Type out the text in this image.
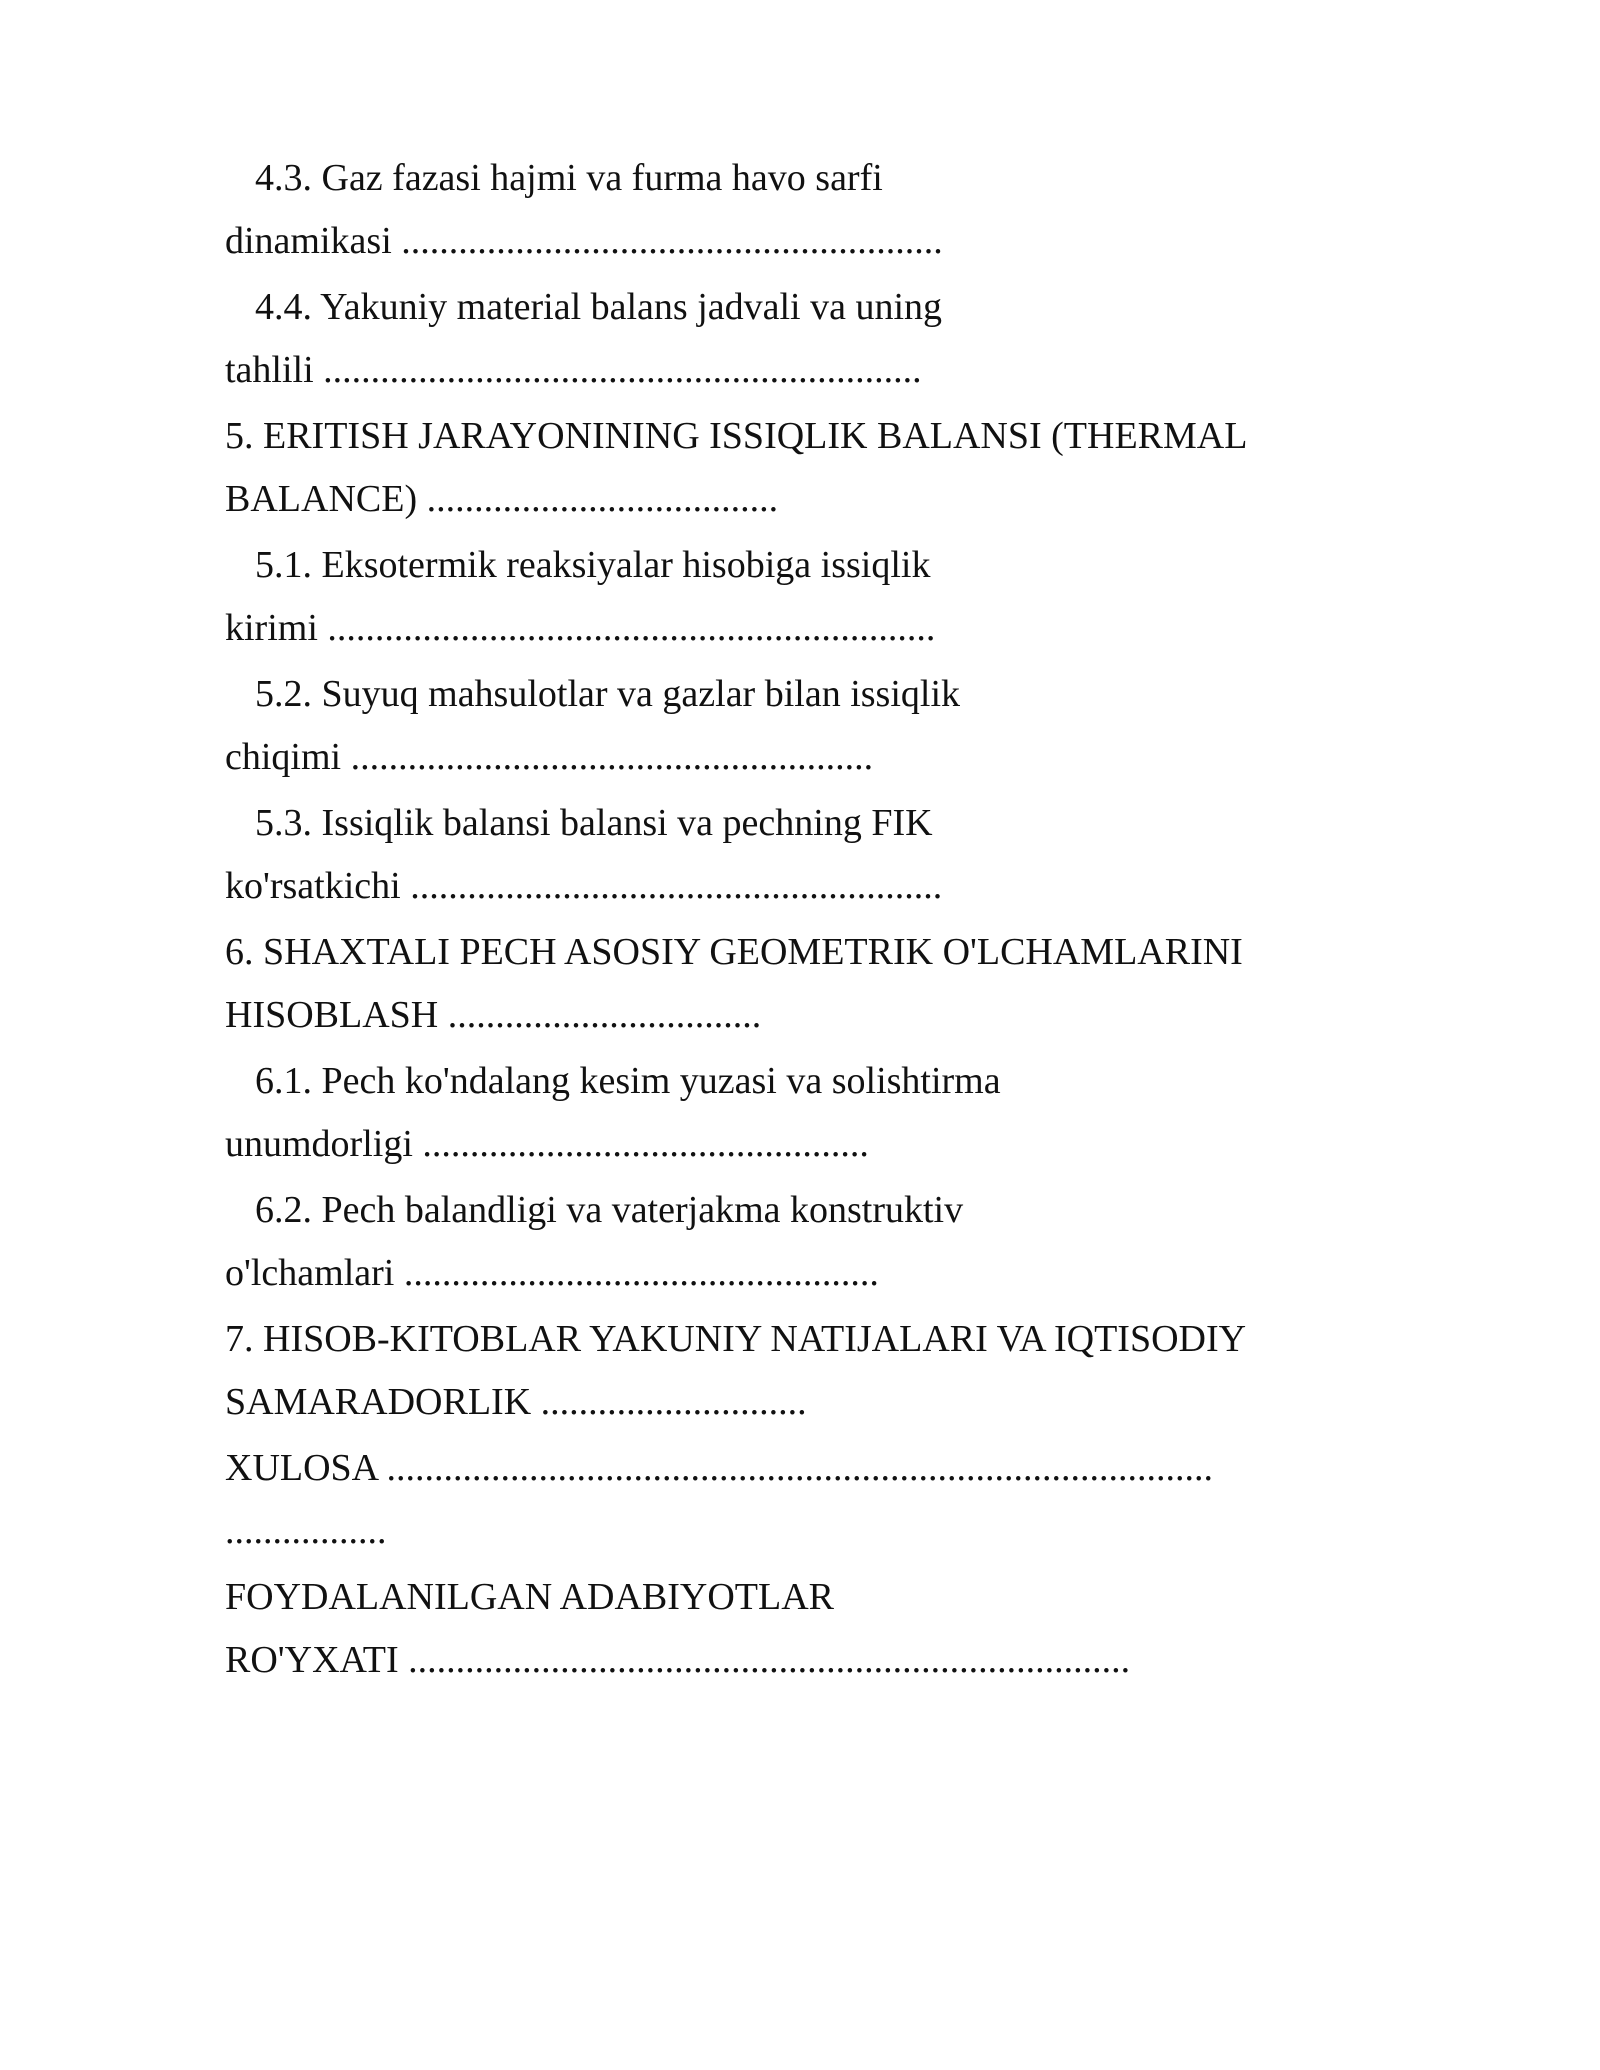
4.3. Gaz fazasi hajmi va furma havo sarfi
dinamikasi .........................................................

4.4. Yakuniy material balans jadvali va uning
tahlili ...............................................................

5. ERITISH JARAYONINING ISSIQLIK BALANSI (THERMAL
BALANCE) .....................................

5.1. Eksotermik reaksiyalar hisobiga issiqlik
kirimi ................................................................

5.2. Suyuq mahsulotlar va gazlar bilan issiqlik
chiqimi .......................................................

5.3. Issiqlik balansi balansi va pechning FIK
ko'rsatkichi ........................................................

6. SHAXTALI PECH ASOSIY GEOMETRIK O'LCHAMLARINI
HISOBLASH .................................

6.1. Pech ko'ndalang kesim yuzasi va solishtirma
unumdorligi ...............................................

6.2. Pech balandligi va vaterjakma konstruktiv
o'lchamlari ..................................................

7. HISOB-KITOBLAR YAKUNIY NATIJALARI VA IQTISODIY
SAMARADORLIK ............................

XULOSA .......................................................................................
.................

FOYDALANILGAN ADABIYOTLAR
RO'YXATI ............................................................................
